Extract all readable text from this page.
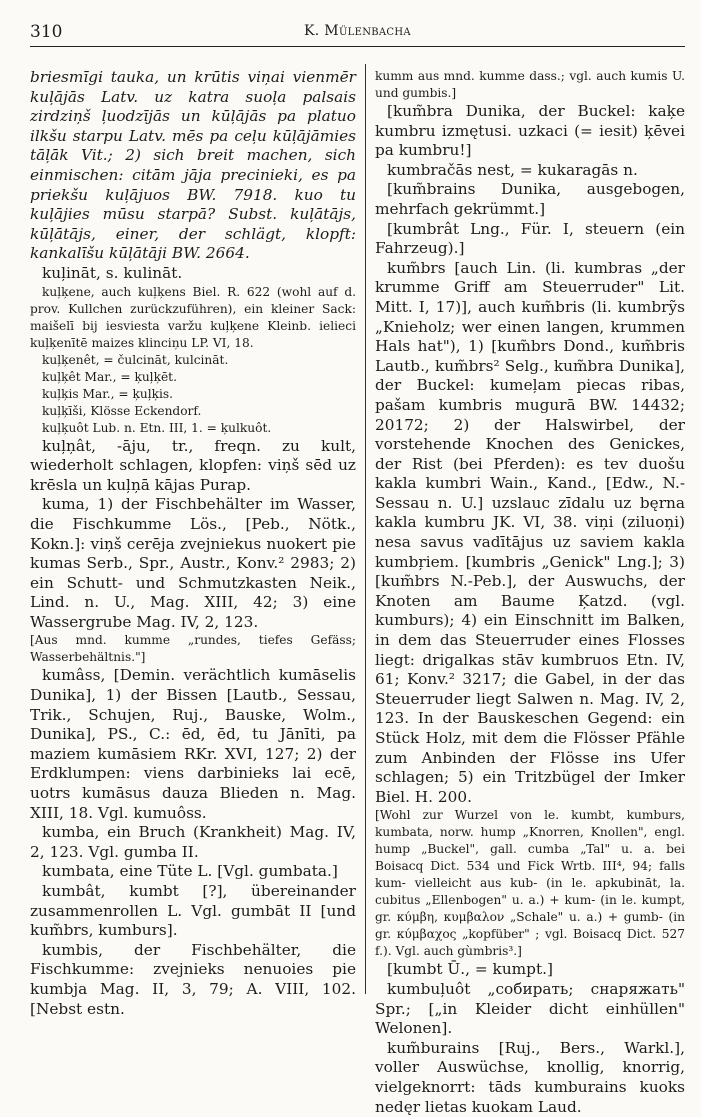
310	K. Mülenbacha

briesmīgi tauka, un krūtis viņai vienmēr kuļājās Latv. uz katra suoļa palsais zirdziņš ļuodzījās un kūļājās pa platuo ilkšu starpu Latv. mēs pa ceļu kūļājāmies tāļāk Vit.; 2) sich breit machen, sich einmischen: citām jāja precinieki, es pa priekšu kuļājuos BW. 7918. kuo tu kuļājies mūsu starpā? Subst. kuļātājs, kūļātājs, einer, der schlägt, klopft: kankalīšu kūļātāji BW. 2664.

kuļināt, s. kulināt.

kuļķene, auch kuļķens Biel. R. 622 (wohl auf d. prov. Kullchen zurückzuführen), ein kleiner Sack: maišelī bij iesviesta varžu kuļķene Kleinb. ielieci kuļķenītē maizes klinciņu LP. VI, 18.

kuļķenêt, = čulcināt, kulcināt.

kuļķêt Mar., = ķuļķēt.

kuļķis Mar., = ķuļķis.

kuļķīši, Klösse Eckendorf.

kuļķuôt Lub. n. Etn. III, 1. = ķulkuôt.

kuļņât, -āju, tr., freqn. zu kult, wiederholt schlagen, klopfen: viņš sēd uz krēsla un kuļņā kājas Purap.

kuma, 1) der Fischbehälter im Wasser, die Fischkumme Lös., [Peb., Nötk., Kokn.]: viņš cerēja zvejniekus nuokert pie kumas Serb., Spr., Austr., Konv.² 2983; 2) ein Schutt- und Schmutzkasten Neik., Lind. n. U., Mag. XIII, 42; 3) eine Wassergrube Mag. IV, 2, 123.

[Aus mnd. kumme „rundes, tiefes Gefäss; Wasserbehältnis."]

kumâss, [Demin. verächtlich kumāselis Dunika], 1) der Bissen [Lautb., Sessau, Trik., Schujen, Ruj., Bauske, Wolm., Dunika], PS., C.: ēd, ēd, tu Jānīti, pa maziem kumāsiem RKr. XVI, 127; 2) der Erdklumpen: viens darbinieks lai ecē, uotrs kumāsus dauza Blieden n. Mag. XIII, 18. Vgl. kumuôss.

kumba, ein Bruch (Krankheit) Mag. IV, 2, 123. Vgl. gumba II.

kumbata, eine Tüte L. [Vgl. gumbata.]

kumbât, kumbt [?], übereinander zusammenrollen L. Vgl. gumbāt II [und kum̃brs, kumburs].

kumbis, der Fischbehälter, die Fischkumme: zvejnieks nenuoies pie kumbja Mag. II, 3, 79; A. VIII, 102. [Nebst estn.

kumm aus mnd. kumme dass.; vgl. auch kumis U. und gumbis.]

[kum̃bra Dunika, der Buckel: kaķe kumbru izmętusi. uzkaci (= iesit) ķēvei pa kumbru!]

kumbračās nest, = kukaragās n.

[kum̃brains Dunika, ausgebogen, mehrfach gekrümmt.]

[kumbrât Lng., Für. I, steuern (ein Fahrzeug).]

kum̃brs [auch Lin. (li. kumbras „der krumme Griff am Steuerruder" Lit. Mitt. I, 17)], auch kum̃bris (li. kumbrỹs „Knieholz; wer einen langen, krummen Hals hat"), 1) [kum̃brs Dond., kum̃bris Lautb., kum̃brs² Selg., kum̃bra Dunika], der Buckel: kumeļam piecas ribas, pašam kumbris mugurā BW. 14432; 20172; 2) der Halswirbel, der vorstehende Knochen des Genickes, der Rist (bei Pferden): es tev duošu kakla kumbri Wain., Kand., [Edw., N.-Sessau n. U.] uzslauc zīdalu uz bęrna kakla kumbru JK. VI, 38. viņi (ziluoņi) nesa savus vadītājus uz saviem kakla kumbŗiem. [kumbris „Genick" Lng.]; 3) [kum̃brs N.-Peb.], der Auswuchs, der Knoten am Baume Ķatzd. (vgl. kumburs); 4) ein Einschnitt im Balken, in dem das Steuerruder eines Flosses liegt: drigalkas stāv kumbruos Etn. IV, 61; Konv.² 3217; die Gabel, in der das Steuerruder liegt Salwen n. Mag. IV, 2, 123. In der Bauskeschen Gegend: ein Stück Holz, mit dem die Flösser Pfähle zum Anbinden der Flösse ins Ufer schlagen; 5) ein Tritzbügel der Imker Biel. H. 200.

[Wohl zur Wurzel von le. kumbt, kumburs, kumbata, norw. hump „Knorren, Knollen", engl. hump „Buckel", gall. cumba „Tal" u. a. bei Boisacq Dict. 534 und Fick Wrtb. III⁴, 94; falls kum- vielleicht aus kub- (in le. apkubināt, la. cubitus „Ellenbogen" u. a.) + kum- (in le. kumpt, gr. κύμβη, κυμβαλον „Schale" u. a.) + gumb- (in gr. κύμβαχος „kopfüber" ; vgl. Boisacq Dict. 527 f.). Vgl. auch gùmbris³.]

[kumbt Ū., = kumpt.]

kumbuļuôt „собирать; снаряжать" Spr.; [„in Kleider dicht einhüllen" Welonen].

kum̃burains [Ruj., Bers., Warkl.], voller Auswüchse, knollig, knorrig, vielgeknorrt: tāds kumburains kuoks nedęr lietas kuokam Laud.
